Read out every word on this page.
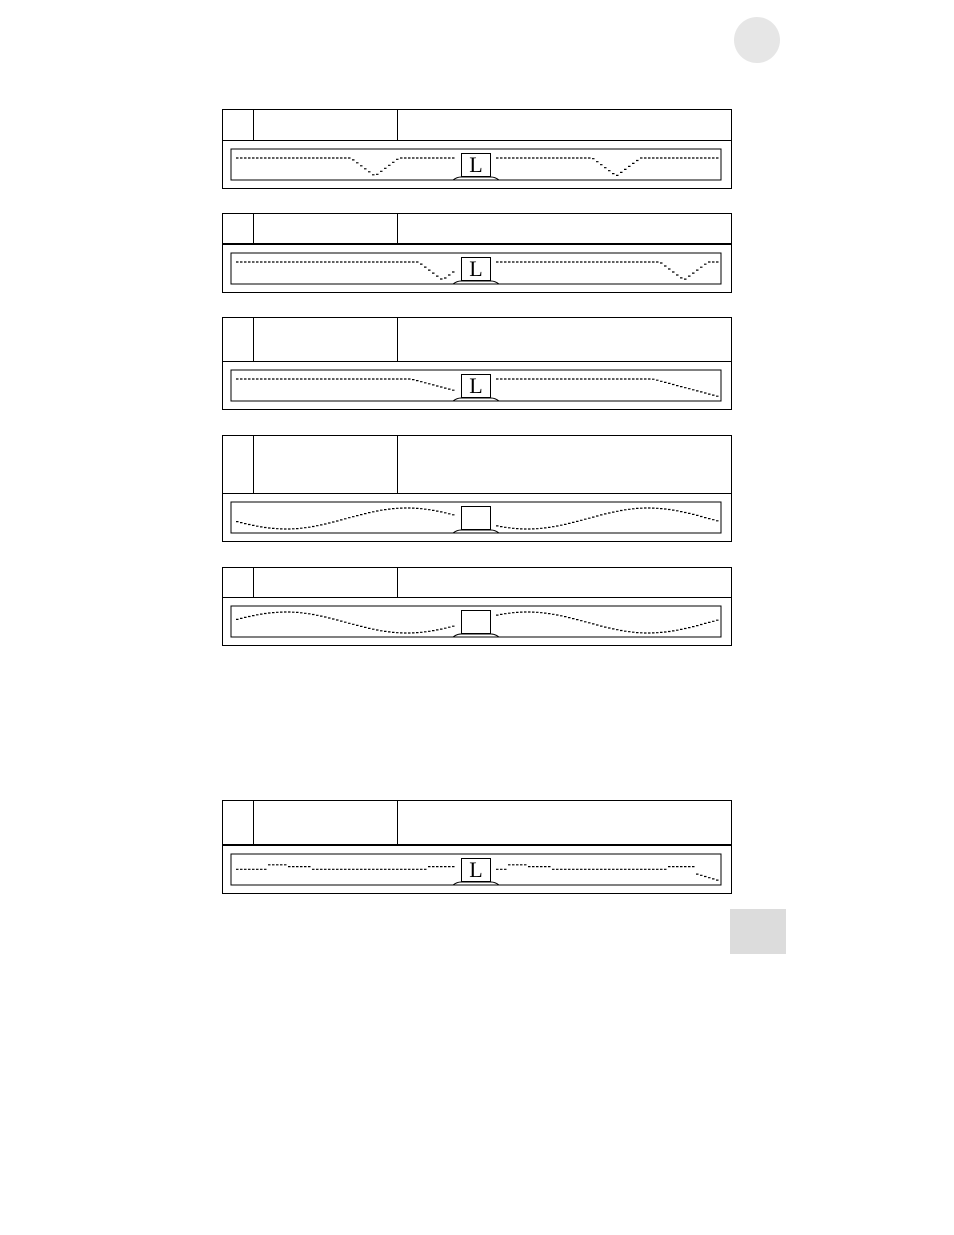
L
L
L
L
